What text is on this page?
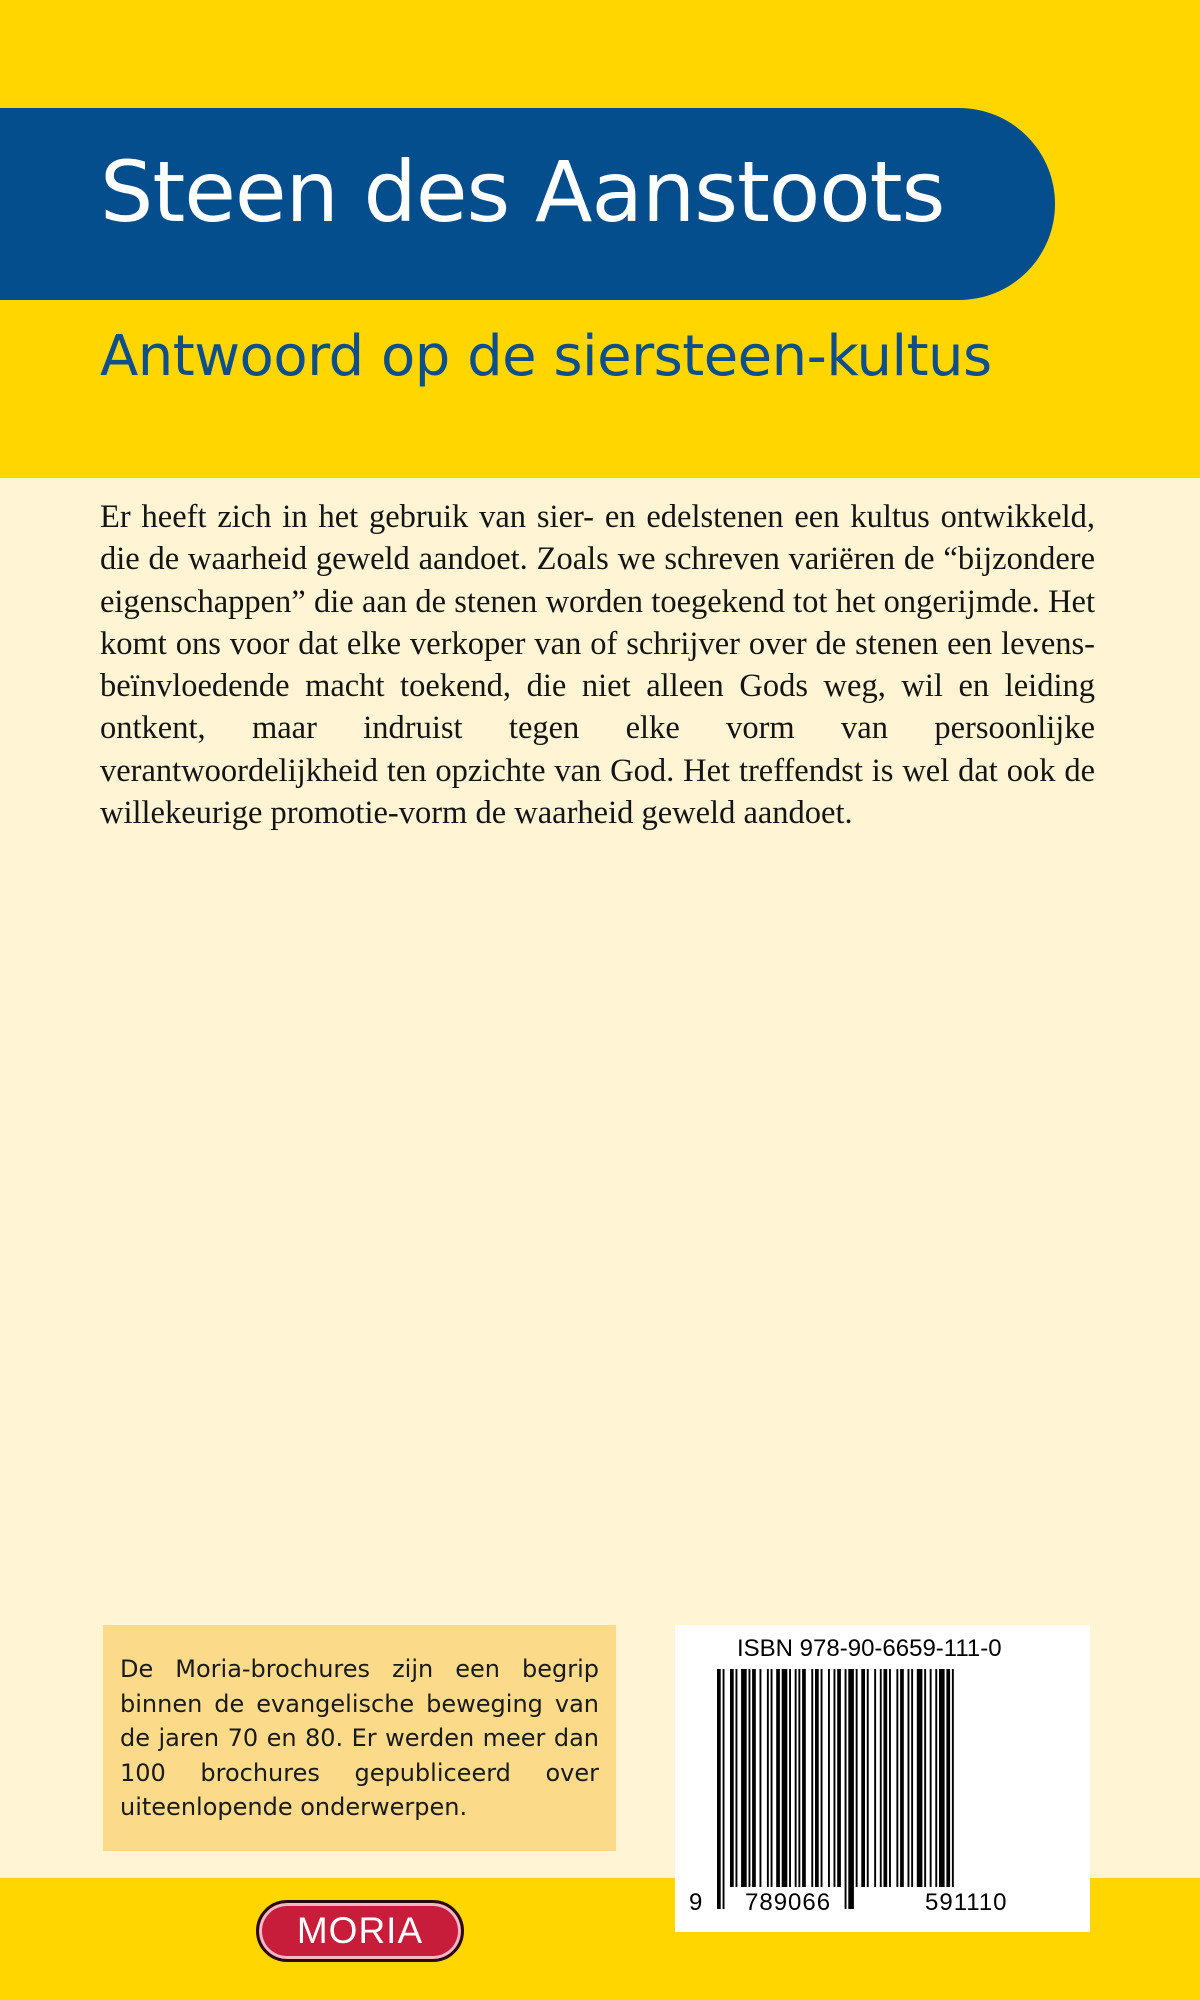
Steen des Aanstoots
Antwoord op de siersteen-kultus
Er heeft zich in het gebruik van sier- en edelstenen een kultus ontwikkeld, die de waarheid geweld aandoet. Zoals we schreven variëren de “bijzondere eigenschappen” die aan de stenen worden toegekend tot het ongerijmde. Het komt ons voor dat elke verkoper van of schrijver over de stenen een levens-beïnvloedende macht toekend, die niet alleen Gods weg, wil en leiding ontkent, maar indruist tegen elke vorm van persoonlijke verantwoordelijkheid ten opzichte van God. Het treffendst is wel dat ook de willekeurige promotie-vorm de waarheid geweld aandoet.
De Moria-brochures zijn een begrip binnen de evangelische beweging van de jaren 70 en 80. Er werden meer dan 100 brochures gepubliceerd over uiteenlopende onderwerpen.
MORIA
ISBN 978-90-6659-111-0
9 789066	591110
